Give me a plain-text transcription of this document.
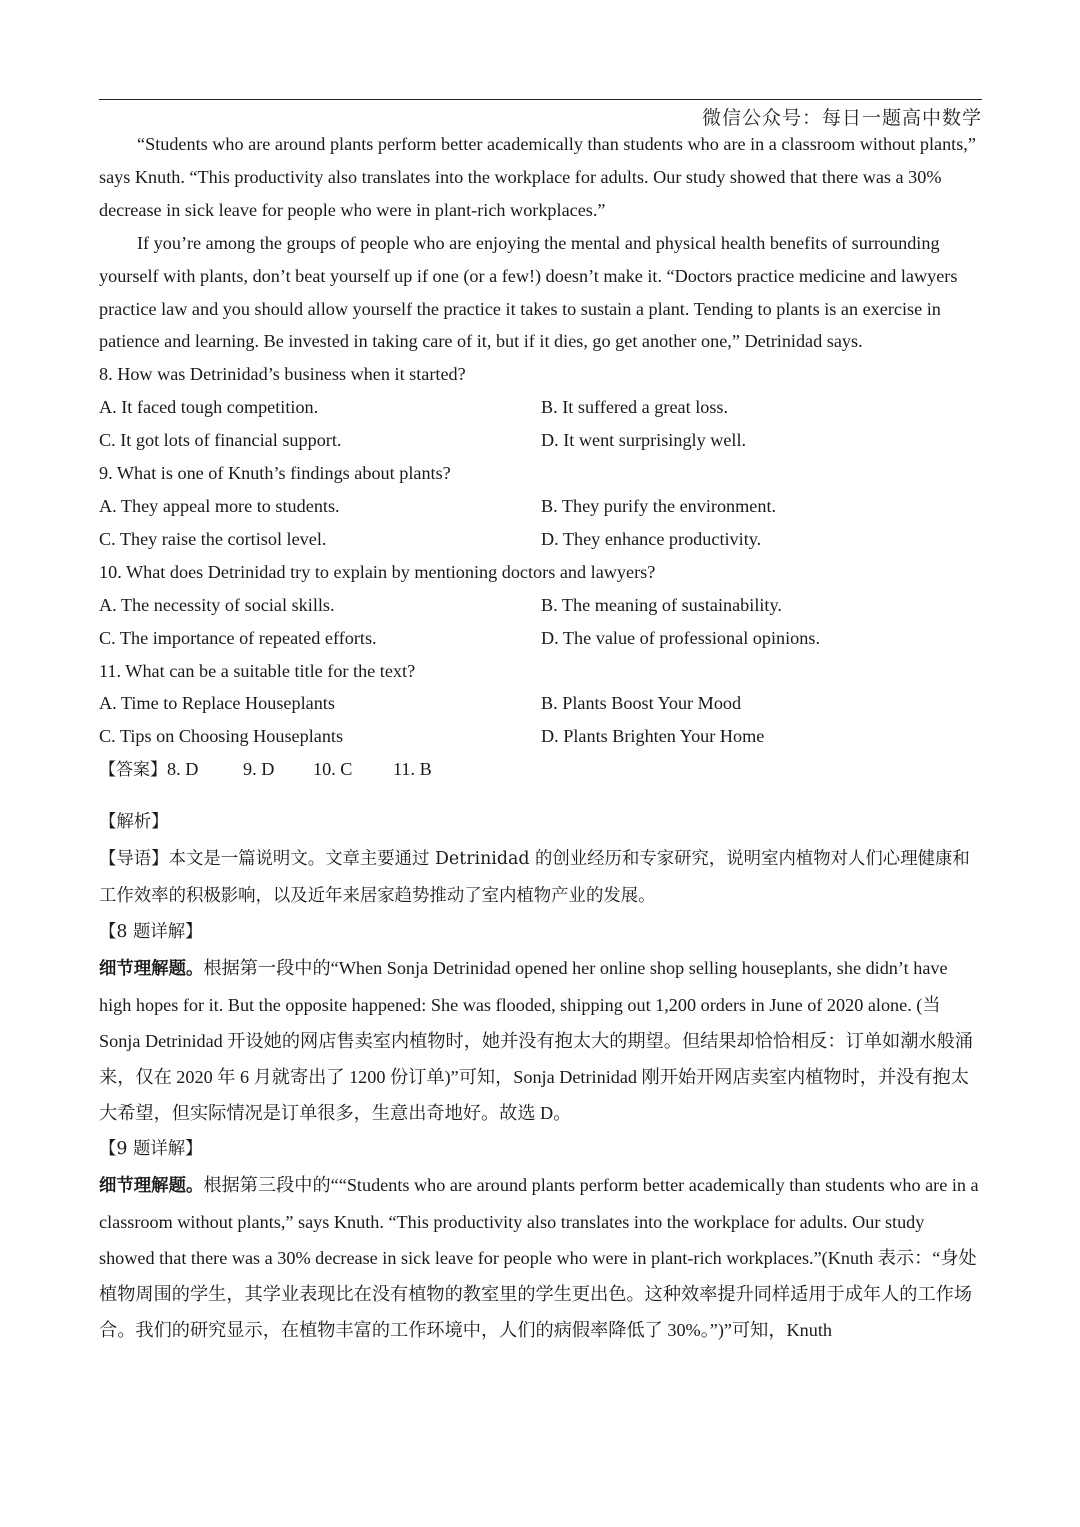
微信公众号：每日一题高中数学

“Students who are around plants perform better academically than students who are in a classroom without plants,” says Knuth. “This productivity also translates into the workplace for adults. Our study showed that there was a 30% decrease in sick leave for people who were in plant-rich workplaces.”

If you’re among the groups of people who are enjoying the mental and physical health benefits of surrounding yourself with plants, don’t beat yourself up if one (or a few!) doesn’t make it. “Doctors practice medicine and lawyers practice law and you should allow yourself the practice it takes to sustain a plant. Tending to plants is an exercise in patience and learning. Be invested in taking care of it, but if it dies, go get another one,” Detrinidad says.

8. How was Detrinidad’s business when it started?

A. It faced tough competition.	B. It suffered a great loss.
C. It got lots of financial support.	D. It went surprisingly well.

9. What is one of Knuth’s findings about plants?

A. They appeal more to students.	B. They purify the environment.
C. They raise the cortisol level.	D. They enhance productivity.

10. What does Detrinidad try to explain by mentioning doctors and lawyers?

A. The necessity of social skills.	B. The meaning of sustainability.
C. The importance of repeated efforts.	D. The value of professional opinions.

11. What can be a suitable title for the text?

A. Time to Replace Houseplants	B. Plants Boost Your Mood
C. Tips on Choosing Houseplants	D. Plants Brighten Your Home
【答案】 8. D	9. D	10. C	11. B
【解析】
【导语】本文是一篇说明文。文章主要通过 Detrinidad 的创业经历和专家研究，说明室内植物对人们心理健康和工作效率的积极影响，以及近年来居家趋势推动了室内植物产业的发展。
【8 题详解】
细节理解题。根据第一段中的“When Sonja Detrinidad opened her online shop selling houseplants, she didn’t have high hopes for it. But the opposite happened: She was flooded, shipping out 1,200 orders in June of 2020 alone. (当 Sonja Detrinidad 开设她的网店售卖室内植物时，她并没有抱太大的期望。但结果却恰恰相反：订单如潮水般涌来，仅在 2020 年 6 月就寄出了 1200 份订单)”可知，Sonja Detrinidad 刚开始开网店卖室内植物时，并没有抱太大希望，但实际情况是订单很多，生意出奇地好。故选 D。
【9 题详解】
细节理解题。根据第三段中的““Students who are around plants perform better academically than students who are in a classroom without plants,” says Knuth. “This productivity also translates into the workplace for adults. Our study showed that there was a 30% decrease in sick leave for people who were in plant-rich workplaces.”(Knuth 表示：“身处植物周围的学生，其学业表现比在没有植物的教室里的学生更出色。这种效率提升同样适用于成年人的工作场合。我们的研究显示，在植物丰富的工作环境中，人们的病假率降低了 30%。”)”可知，Knuth
